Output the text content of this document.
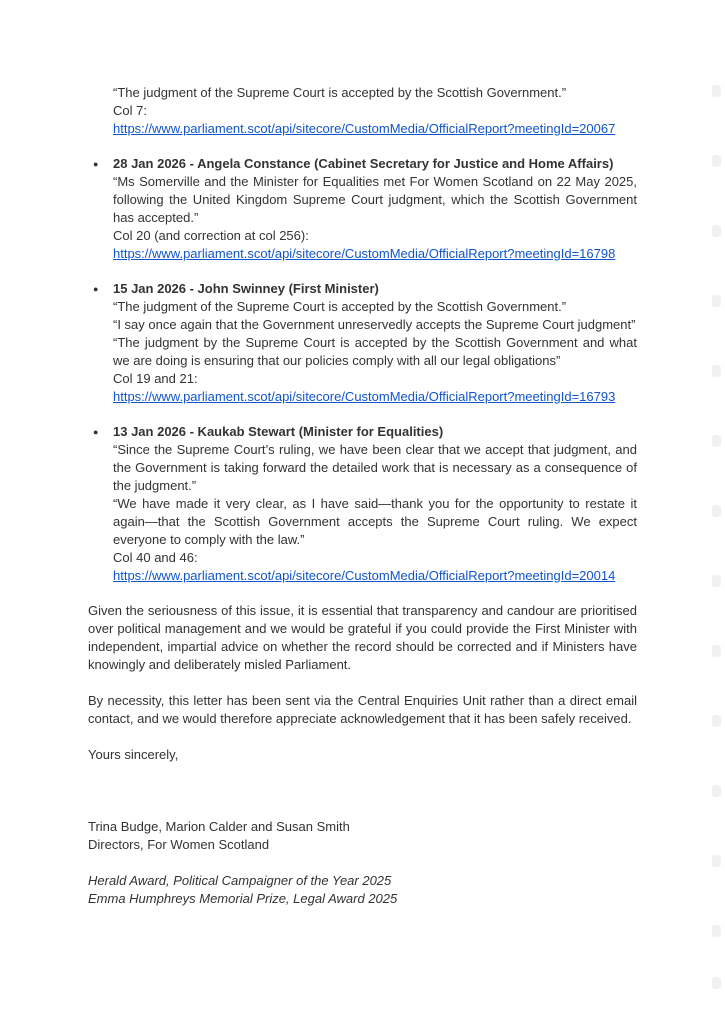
“The judgment of the Supreme Court is accepted by the Scottish Government.”

Col 7:

https://www.parliament.scot/api/sitecore/CustomMedia/OfficialReport?meetingId=20067

● 28 Jan 2026 - Angela Constance (Cabinet Secretary for Justice and Home Affairs)

“Ms Somerville and the Minister for Equalities met For Women Scotland on 22 May 2025, following the United Kingdom Supreme Court judgment, which the Scottish Government has accepted.”

Col 20 (and correction at col 256):

https://www.parliament.scot/api/sitecore/CustomMedia/OfficialReport?meetingId=16798

● 15 Jan 2026 - John Swinney (First Minister)

“The judgment of the Supreme Court is accepted by the Scottish Government.”

“I say once again that the Government unreservedly accepts the Supreme Court judgment”

“The judgment by the Supreme Court is accepted by the Scottish Government and what we are doing is ensuring that our policies comply with all our legal obligations”

Col 19 and 21:

https://www.parliament.scot/api/sitecore/CustomMedia/OfficialReport?meetingId=16793

● 13 Jan 2026 - Kaukab Stewart (Minister for Equalities)

“Since the Supreme Court’s ruling, we have been clear that we accept that judgment, and the Government is taking forward the detailed work that is necessary as a consequence of the judgment.”

“We have made it very clear, as I have said—thank you for the opportunity to restate it again—that the Scottish Government accepts the Supreme Court ruling. We expect everyone to comply with the law.”

Col 40 and 46:

https://www.parliament.scot/api/sitecore/CustomMedia/OfficialReport?meetingId=20014

Given the seriousness of this issue, it is essential that transparency and candour are prioritised over political management and we would be grateful if you could provide the First Minister with independent, impartial advice on whether the record should be corrected and if Ministers have knowingly and deliberately misled Parliament.

By necessity, this letter has been sent via the Central Enquiries Unit rather than a direct email contact, and we would therefore appreciate acknowledgement that it has been safely received.

Yours sincerely,

Trina Budge, Marion Calder and Susan Smith

Directors, For Women Scotland

Herald Award, Political Campaigner of the Year 2025

Emma Humphreys Memorial Prize, Legal Award 2025
